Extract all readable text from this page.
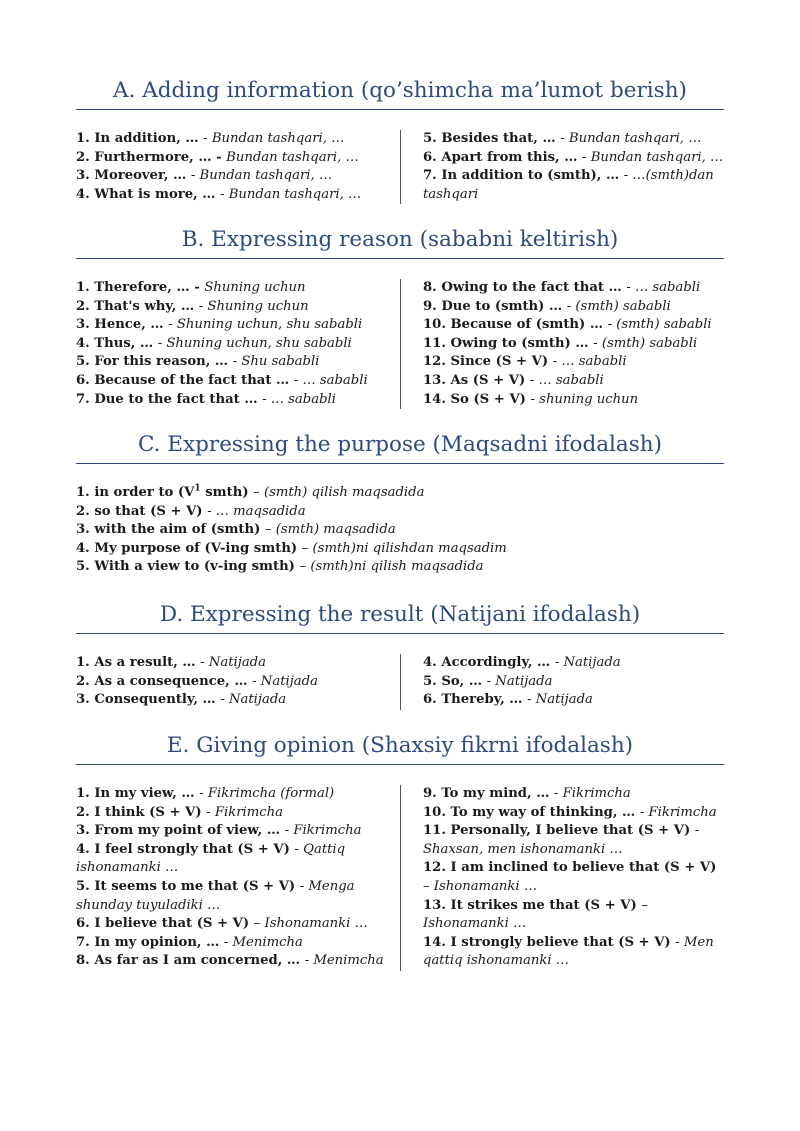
A. Adding information (qo’shimcha ma’lumot berish)

1. In addition, … - Bundan tashqari, …

2. Furthermore, … - Bundan tashqari, …

3. Moreover, … - Bundan tashqari, …

4. What is more, … - Bundan tashqari, …

5. Besides that, … - Bundan tashqari, …

6. Apart from this, … - Bundan tashqari, …

7. In addition to (smth), … - …(smth)dan tashqari

B. Expressing reason (sababni keltirish)

1. Therefore, … - Shuning uchun

2. That's why, … - Shuning uchun

3. Hence, … - Shuning uchun, shu sababli

4. Thus, … - Shuning uchun, shu sababli

5. For this reason, … - Shu sababli

6. Because of the fact that … - … sababli

7. Due to the fact that … - … sababli

8. Owing to the fact that … - … sababli

9. Due to (smth) … - (smth) sababli

10. Because of (smth) … - (smth) sababli

11. Owing to (smth) … - (smth) sababli

12. Since (S + V) - … sababli

13. As (S + V) - … sababli

14. So (S + V) - shuning uchun

C. Expressing the purpose (Maqsadni ifodalash)

1. in order to ($V^1$ smth) – (smth) qilish maqsadida

2. so that (S + V) - … maqsadida

3. with the aim of (smth) – (smth) maqsadida

4. My purpose of (V-ing smth) – (smth)ni qilishdan maqsadim

5. With a view to (v-ing smth) – (smth)ni qilish maqsadida

D. Expressing the result (Natijani ifodalash)

1. As a result, … - Natijada

2. As a consequence, … - Natijada

3. Consequently, … - Natijada

4. Accordingly, … - Natijada

5. So, … - Natijada

6. Thereby, … - Natijada

E. Giving opinion (Shaxsiy fikrni ifodalash)

1. In my view, … - Fikrimcha (formal)

2. I think (S + V) - Fikrimcha

3. From my point of view, … - Fikrimcha

4. I feel strongly that (S + V) - Qattiq ishonamanki …

5. It seems to me that (S + V) - Menga shunday tuyuladiki …

6. I believe that (S + V) – Ishonamanki …

7. In my opinion, … - Menimcha

8. As far as I am concerned, … - Menimcha

9. To my mind, … - Fikrimcha

10. To my way of thinking, … - Fikrimcha

11. Personally, I believe that (S + V) - Shaxsan, men ishonamanki …

12. I am inclined to believe that (S + V) – Ishonamanki …

13. It strikes me that (S + V) – Ishonamanki …

14. I strongly believe that (S + V) - Men qattiq ishonamanki …
